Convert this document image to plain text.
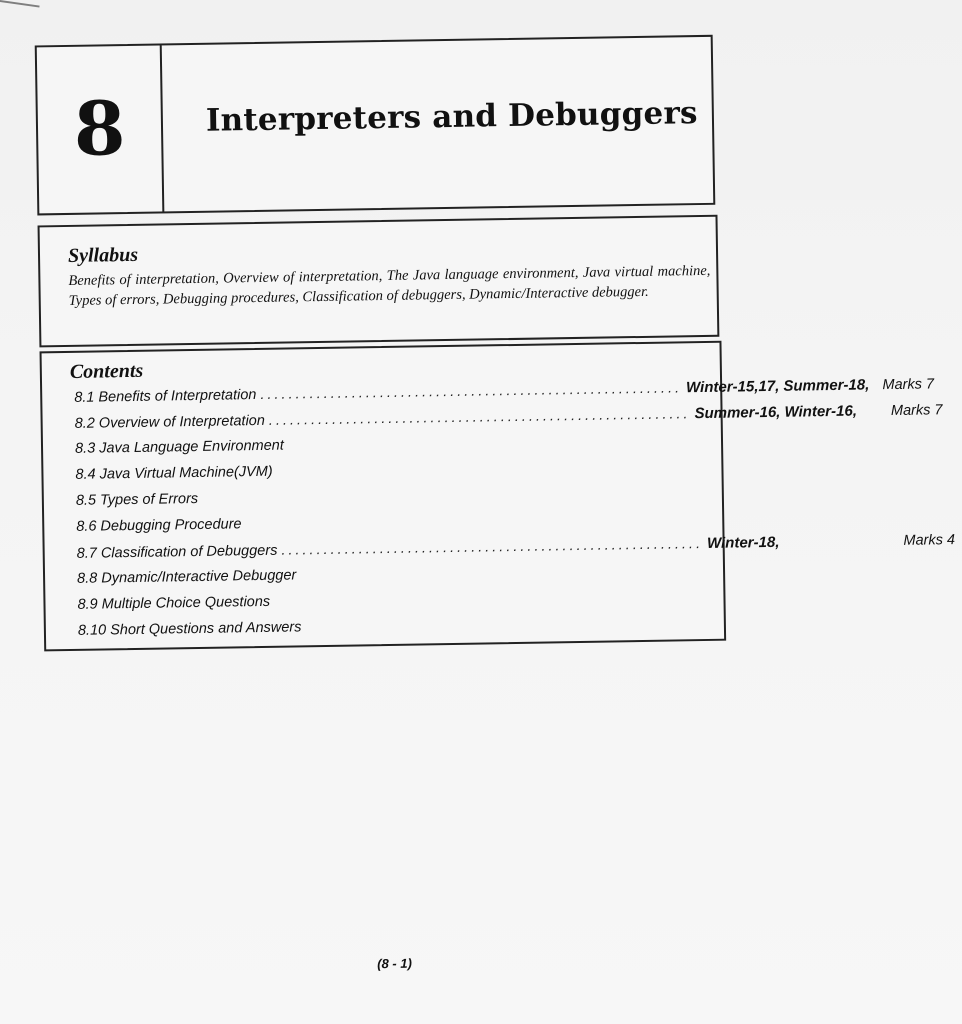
8	Interpreters and Debuggers
Syllabus
Benefits of interpretation, Overview of interpretation, The Java language environment, Java virtual machine, Types of errors, Debugging procedures, Classification of debuggers, Dynamic/Interactive debugger.
Contents
8.1 Benefits of Interpretation ............................................................ Winter-15,17, Summer-18, Marks 7
8.2 Overview of Interpretation ............................................................ Summer-16, Winter-16,	Marks 7
8.3 Java Language Environment
8.4 Java Virtual Machine(JVM)
8.5 Types of Errors
8.6 Debugging Procedure
8.7 Classification of Debuggers ............................................................ Winter-18,	Marks 4
8.8 Dynamic/Interactive Debugger
8.9 Multiple Choice Questions
8.10 Short Questions and Answers
(8 - 1)
